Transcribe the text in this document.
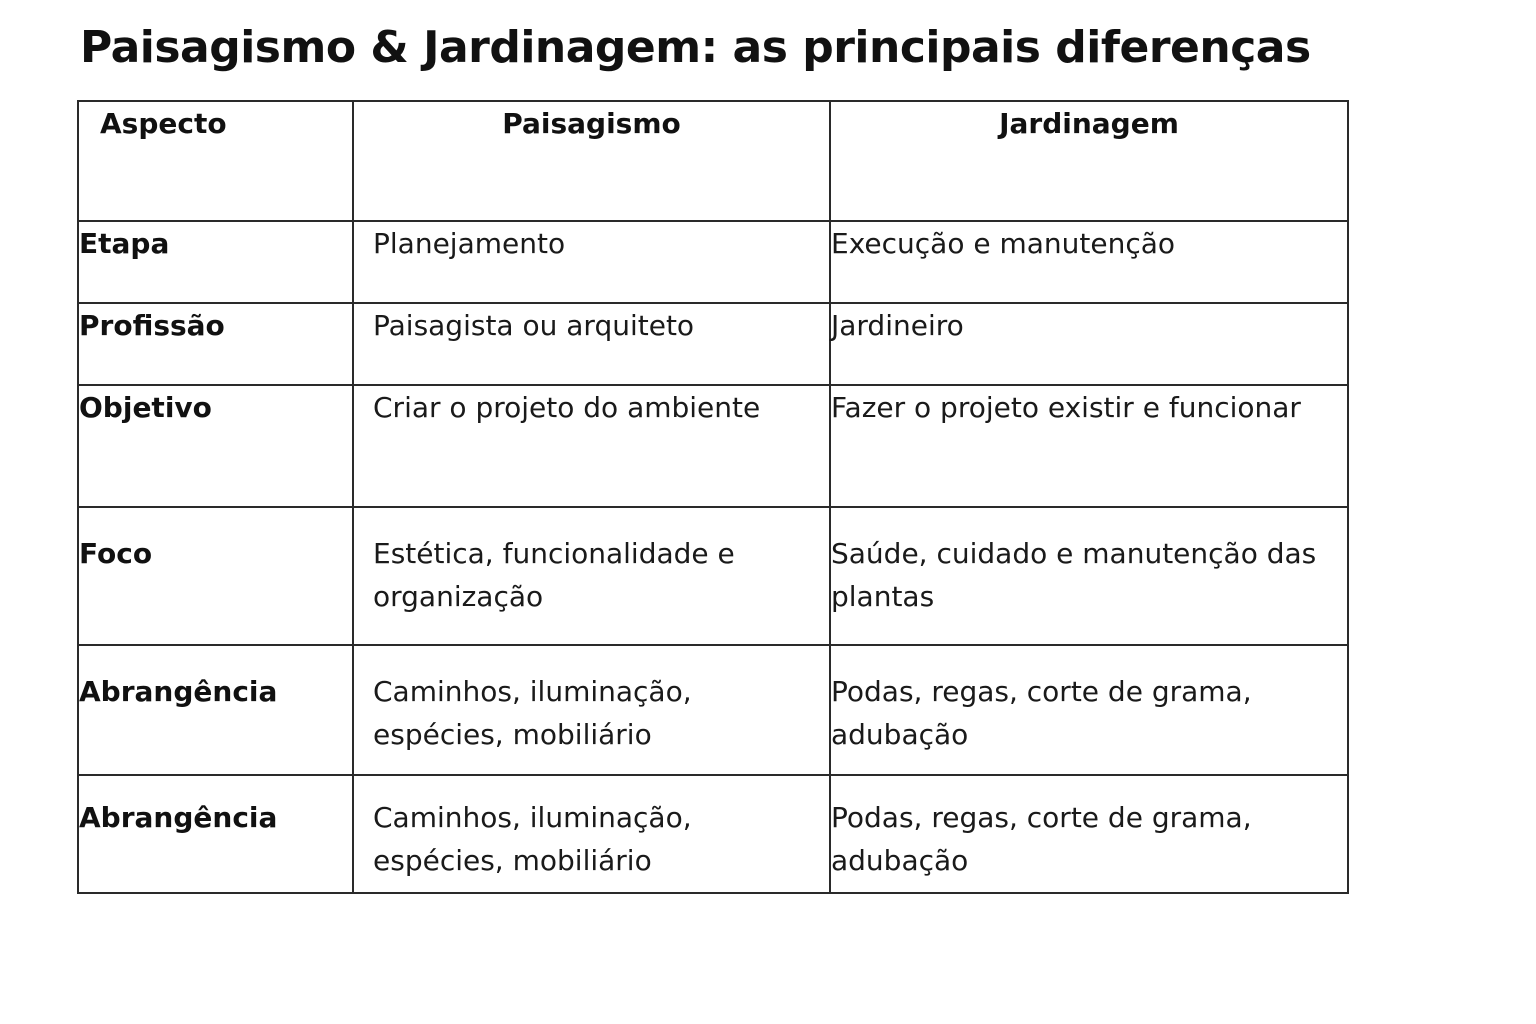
Paisagismo & Jardinagem: as principais diferenças
Aspecto	Paisagismo	Jardinagem
Etapa	Planejamento	Execução e manutenção
Profissão	Paisagista ou arquiteto	Jardineiro
Objetivo	Criar o projeto do ambiente	Fazer o projeto existir e funcionar
Foco	Estética, funcionalidade e organização	Saúde, cuidado e manutenção das plantas
Abrangência	Caminhos, iluminação, espécies, mobiliário	Podas, regas, corte de grama, adubação
Abrangência	Caminhos, iluminação, espécies, mobiliário	Podas, regas, corte de grama, adubação
